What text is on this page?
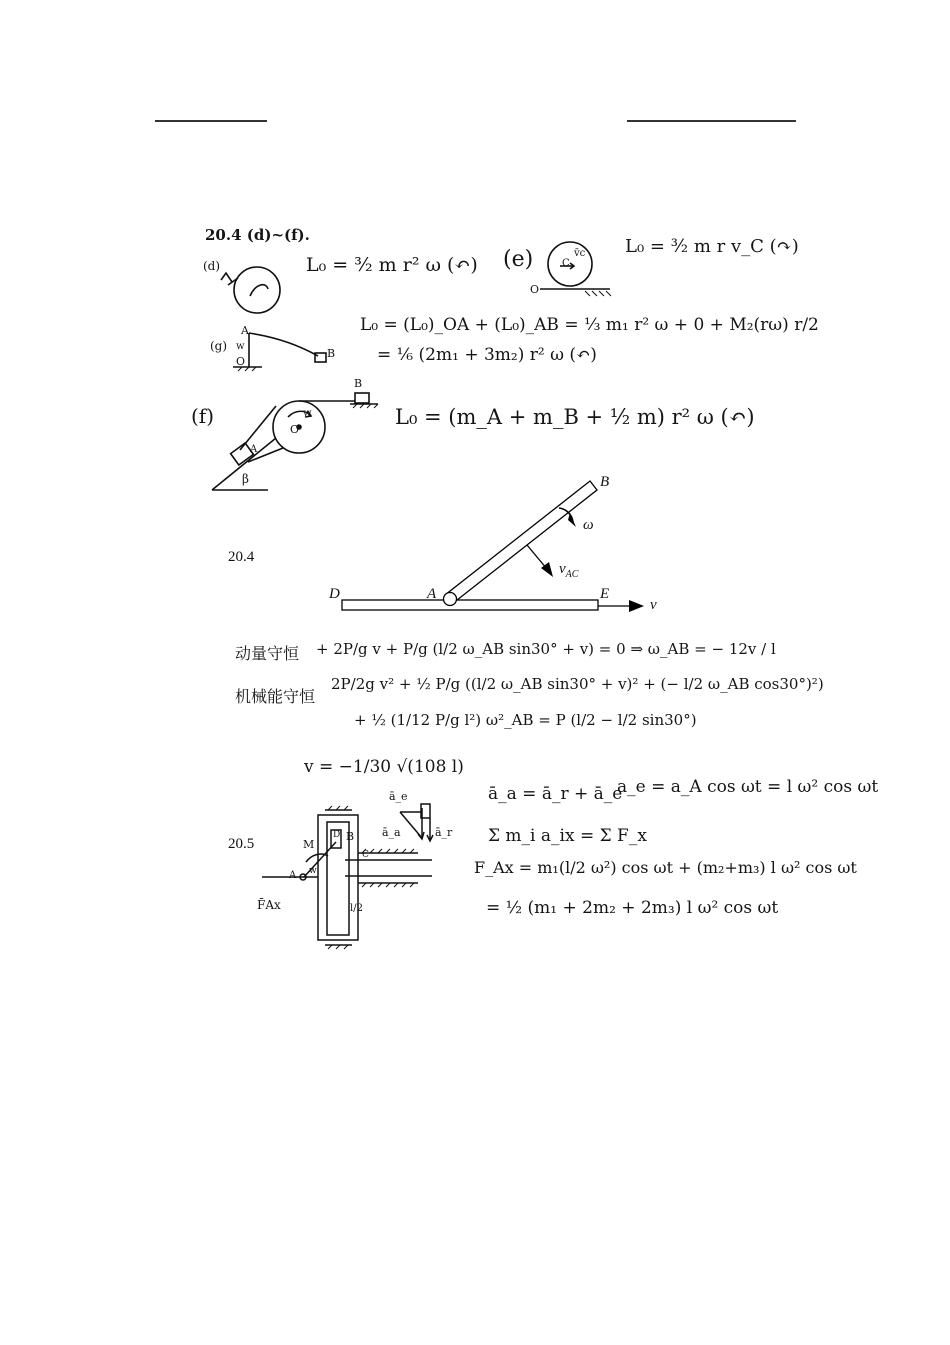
20.4 (d)~(f).
(d)	L₀ = ³⁄₂ m r² ω (↶) (e)	C
v̄c
O
L₀ = ³⁄₂ m r v_C (↷)
(g)
A
w
O
B
L₀ = (L₀)_OA + (L₀)_AB = ⅓ m₁ r² ω + 0 + M₂(rω) r/2
= ⅙ (2m₁ + 3m₂) r² ω (↶)
(f)
B
O
w
A
β
L₀ = (m_A + m_B + ½ m) r² ω (↶)
20.4
B
ω
$v_{AC}$
D	A	E
v
动量守恒 + 2P/g v + P/g (l/2 ω_AB sin30° + v) = 0 ⇒ ω_AB = − 12v / l
机械能守恒
2P/2g v² + ½ P/g ((l/2 ω_AB sin30° + v)² + (− l/2 ω_AB cos30°)²)
+ ½ (1/12 P/g l²) ω²_AB = P (l/2 − l/2 sin30°)
v = −1/30 √(108 l)
20.5
ā_e
ā_a	ā_r
M
B
D
C
A w
F̄Ax	l/2
ā_a = ā_r + ā_e
a_e = a_A cos ωt = l ω² cos ωt
Σ m_i a_ix = Σ F_x
F_Ax = m₁(l/2 ω²) cos ωt + (m₂+m₃) l ω² cos ωt
= ½ (m₁ + 2m₂ + 2m₃) l ω² cos ωt
